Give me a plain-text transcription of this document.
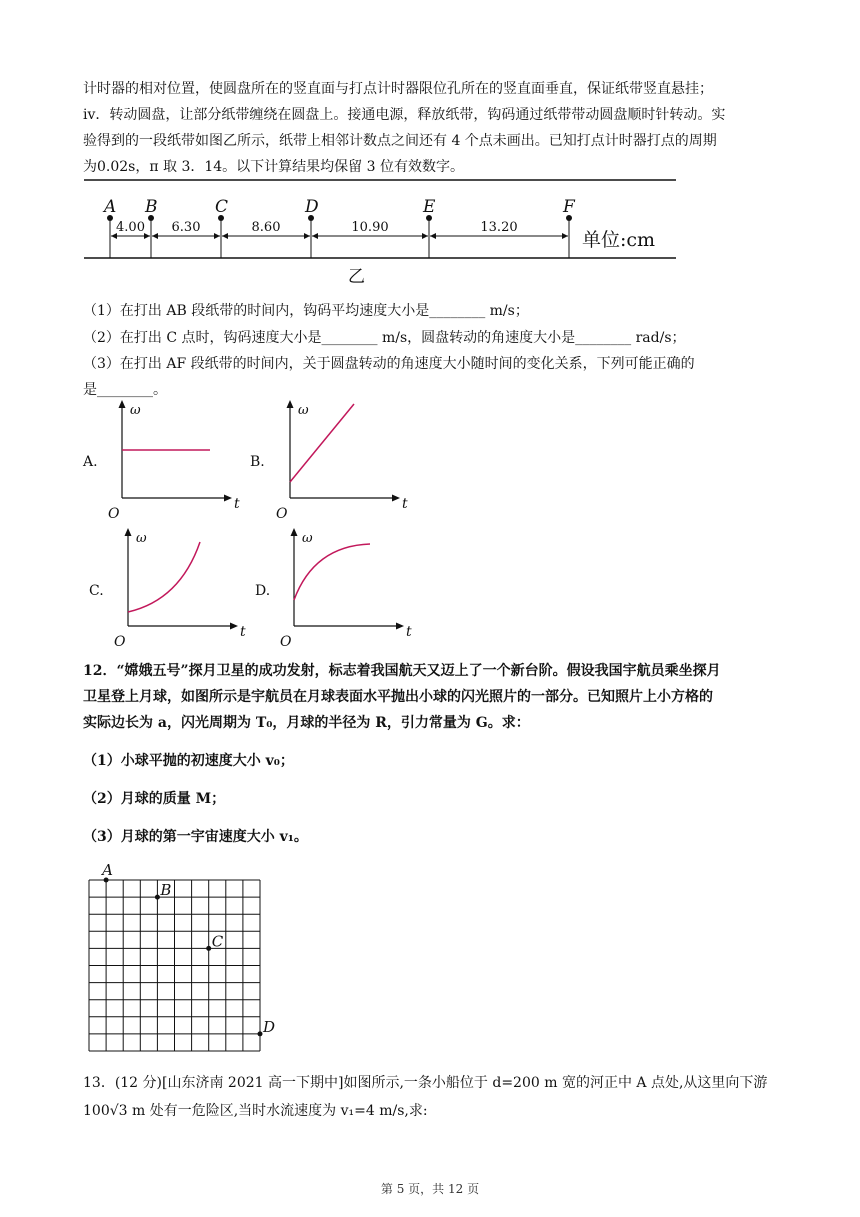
计时器的相对位置，使圆盘所在的竖直面与打点计时器限位孔所在的竖直面垂直，保证纸带竖直悬挂；
iv．转动圆盘，让部分纸带缠绕在圆盘上。接通电源，释放纸带，钩码通过纸带带动圆盘顺时针转动。实
验得到的一段纸带如图乙所示，纸带上相邻计数点之间还有 4 个点未画出。已知打点计时器打点的周期
为0.02s，π 取 3．14。以下计算结果均保留 3 位有效数字。
A B	C	D	E	F
4.00 6.30	8.60	10.90	13.20
单位:cm
乙
（1）在打出 AB 段纸带的时间内，钩码平均速度大小是________ m/s；
（2）在打出 C 点时，钩码速度大小是________ m/s，圆盘转动的角速度大小是________ rad/s；
（3）在打出 AF 段纸带的时间内，关于圆盘转动的角速度大小随时间的变化关系，下列可能正确的
是________。
A.
ω
t
O
B.
ω
t
O
C.
ω
t
O
D.
ω
t
O
12．“嫦娥五号”探月卫星的成功发射，标志着我国航天又迈上了一个新台阶。假设我国宇航员乘坐探月
卫星登上月球，如图所示是宇航员在月球表面水平抛出小球的闪光照片的一部分。已知照片上小方格的
实际边长为 a，闪光周期为 T₀，月球的半径为 R，引力常量为 G。求：
（1）小球平抛的初速度大小 v₀；
（2）月球的质量 M；
（3）月球的第一宇宙速度大小 v₁。
A
B
C
D
13．(12 分)[山东济南 2021 高一下期中]如图所示,一条小船位于 d=200 m 宽的河正中 A 点处,从这里向下游
100√3 m 处有一危险区,当时水流速度为 v₁=4 m/s,求:
第 5 页，共 12 页
